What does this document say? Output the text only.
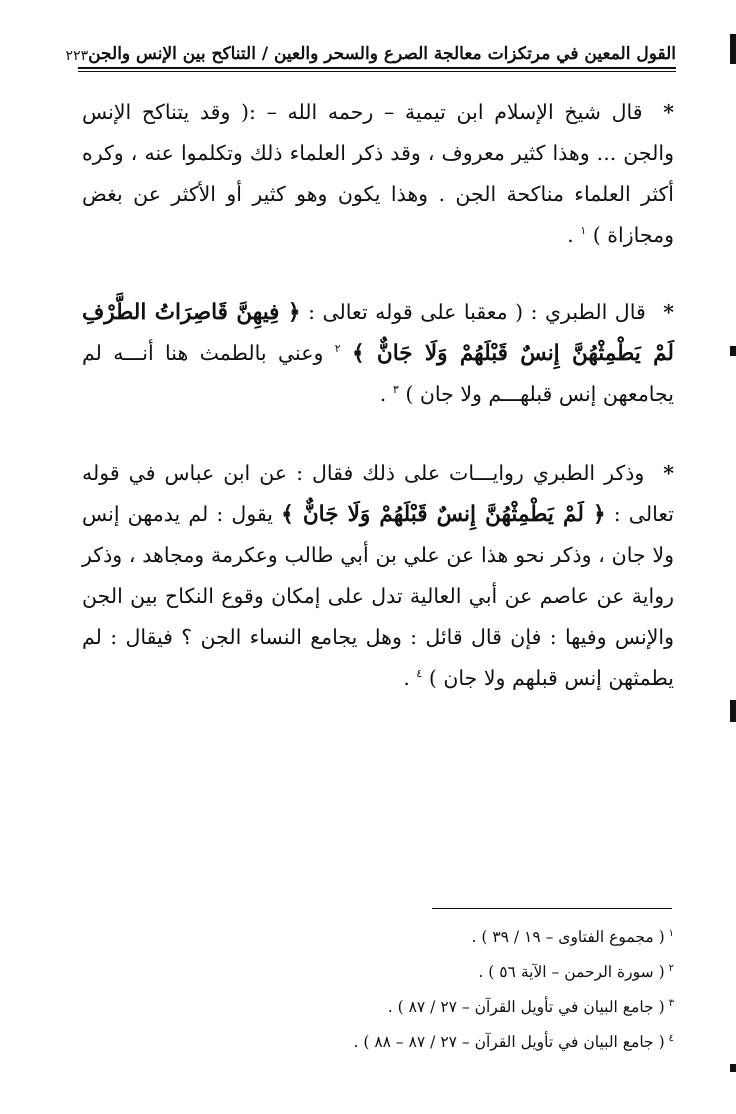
القول المعين في مرتكزات معالجة الصرع والسحر والعين / التناكح بين الإنس والجن
٢٢٣

* قال شيخ الإسلام ابن تيمية – رحمه الله – :( وقد يتناكح الإنس والجن ... وهذا كثير معروف ، وقد ذكر العلماء ذلك وتكلموا عنه ، وكره أكثر العلماء مناكحة الجن . وهذا يكون وهو كثير أو الأكثر عن بغض ومجازاة ) $^١$ .

* قال الطبري : ( معقبا على قوله تعالى : ﴿ فِيهِنَّ قَاصِرَاتُ الطَّرْفِ لَمْ يَطْمِثْهُنَّ إِنسٌ قَبْلَهُمْ وَلَا جَانٌّ ﴾ $^٢$ وعني بالطمث هنا أنـــه لم يجامعهن إنس قبلهـــم ولا جان ) $^٣$ .

* وذكر الطبري روايـــات على ذلك فقال : عن ابن عباس في قوله تعالى : ﴿ لَمْ يَطْمِثْهُنَّ إِنسٌ قَبْلَهُمْ وَلَا جَانٌّ ﴾ يقول : لم يدمهن إنس ولا جان ، وذكر نحو هذا عن علي بن أبي طالب وعكرمة ومجاهد ، وذكر رواية عن عاصم عن أبي العالية تدل على إمكان وقوع النكاح بين الجن والإنس وفيها : فإن قال قائل : وهل يجامع النساء الجن ؟ فيقال : لم يطمثهن إنس قبلهم ولا جان ) $^٤$ .

$^١$( مجموع الفتاوى – ١٩ / ٣٩ ) .

$^٢$( سورة الرحمن – الآية ٥٦ ) .

$^٣$( جامع البيان في تأويل القرآن – ٢٧ / ٨٧ ) .

$^٤$( جامع البيان في تأويل القرآن – ٢٧ / ٨٧ – ٨٨ ) .
